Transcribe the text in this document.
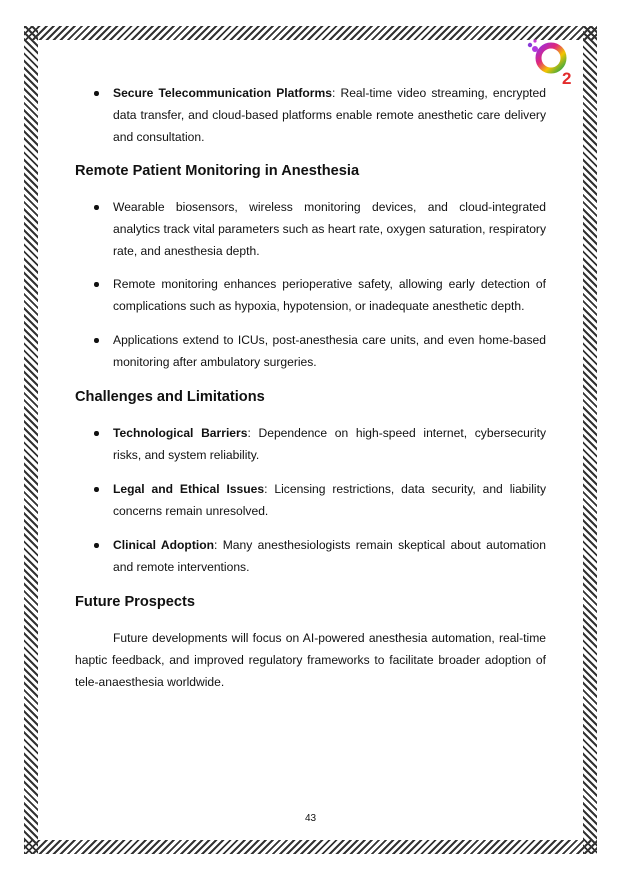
2

Secure Telecommunication Platforms: Real-time video streaming, encrypted data transfer, and cloud-based platforms enable remote anesthetic care delivery and consultation.

Remote Patient Monitoring in Anesthesia

Wearable biosensors, wireless monitoring devices, and cloud-integrated analytics track vital parameters such as heart rate, oxygen saturation, respiratory rate, and anesthesia depth.

Remote monitoring enhances perioperative safety, allowing early detection of complications such as hypoxia, hypotension, or inadequate anesthetic depth.

Applications extend to ICUs, post-anesthesia care units, and even home-based monitoring after ambulatory surgeries.

Challenges and Limitations

Technological Barriers: Dependence on high-speed internet, cybersecurity risks, and system reliability.

Legal and Ethical Issues: Licensing restrictions, data security, and liability concerns remain unresolved.

Clinical Adoption: Many anesthesiologists remain skeptical about automation and remote interventions.

Future Prospects

Future developments will focus on AI-powered anesthesia automation, real-time haptic feedback, and improved regulatory frameworks to facilitate broader adoption of tele-anaesthesia worldwide.

43
